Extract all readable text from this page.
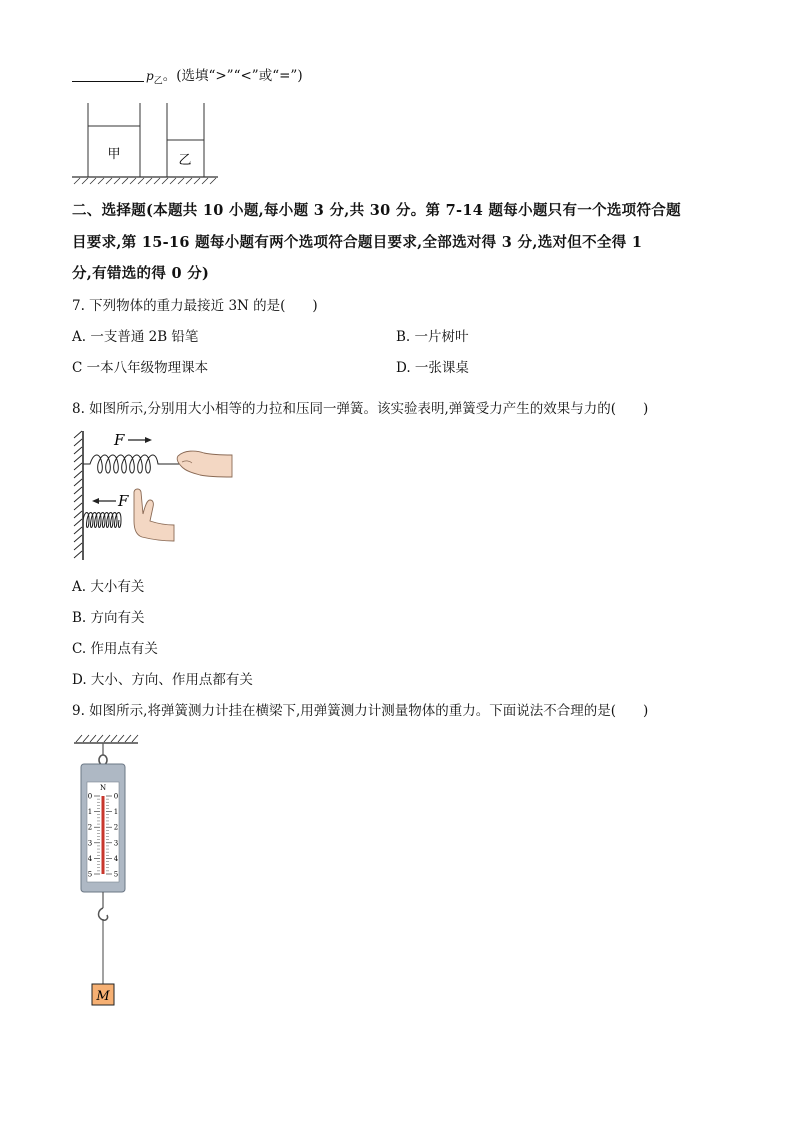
$p_乙$。(选填“>”“<”或“=”)
甲	乙
二、选择题(本题共 10 小题,每小题 3 分,共 30 分。第 7-14 题每小题只有一个选项符合题
目要求,第 15-16 题每小题有两个选项符合题目要求,全部选对得 3 分,选对但不全得 1
分,有错选的得 0 分)
7. 下列物体的重力最接近 3N 的是(　　)
A. 一支普通 2B 铅笔	B. 一片树叶
C 一本八年级物理课本	D. 一张课桌
8. 如图所示,分别用大小相等的力拉和压同一弹簧。该实验表明,弹簧受力产生的效果与力的(　　)
F
F
A. 大小有关
B. 方向有关
C. 作用点有关
D. 大小、方向、作用点都有关
9. 如图所示,将弹簧测力计挂在横梁下,用弹簧测力计测量物体的重力。下面说法不合理的是(　　)
N
0	0
1	1
2	2
3	3
4	4
5	5
M
